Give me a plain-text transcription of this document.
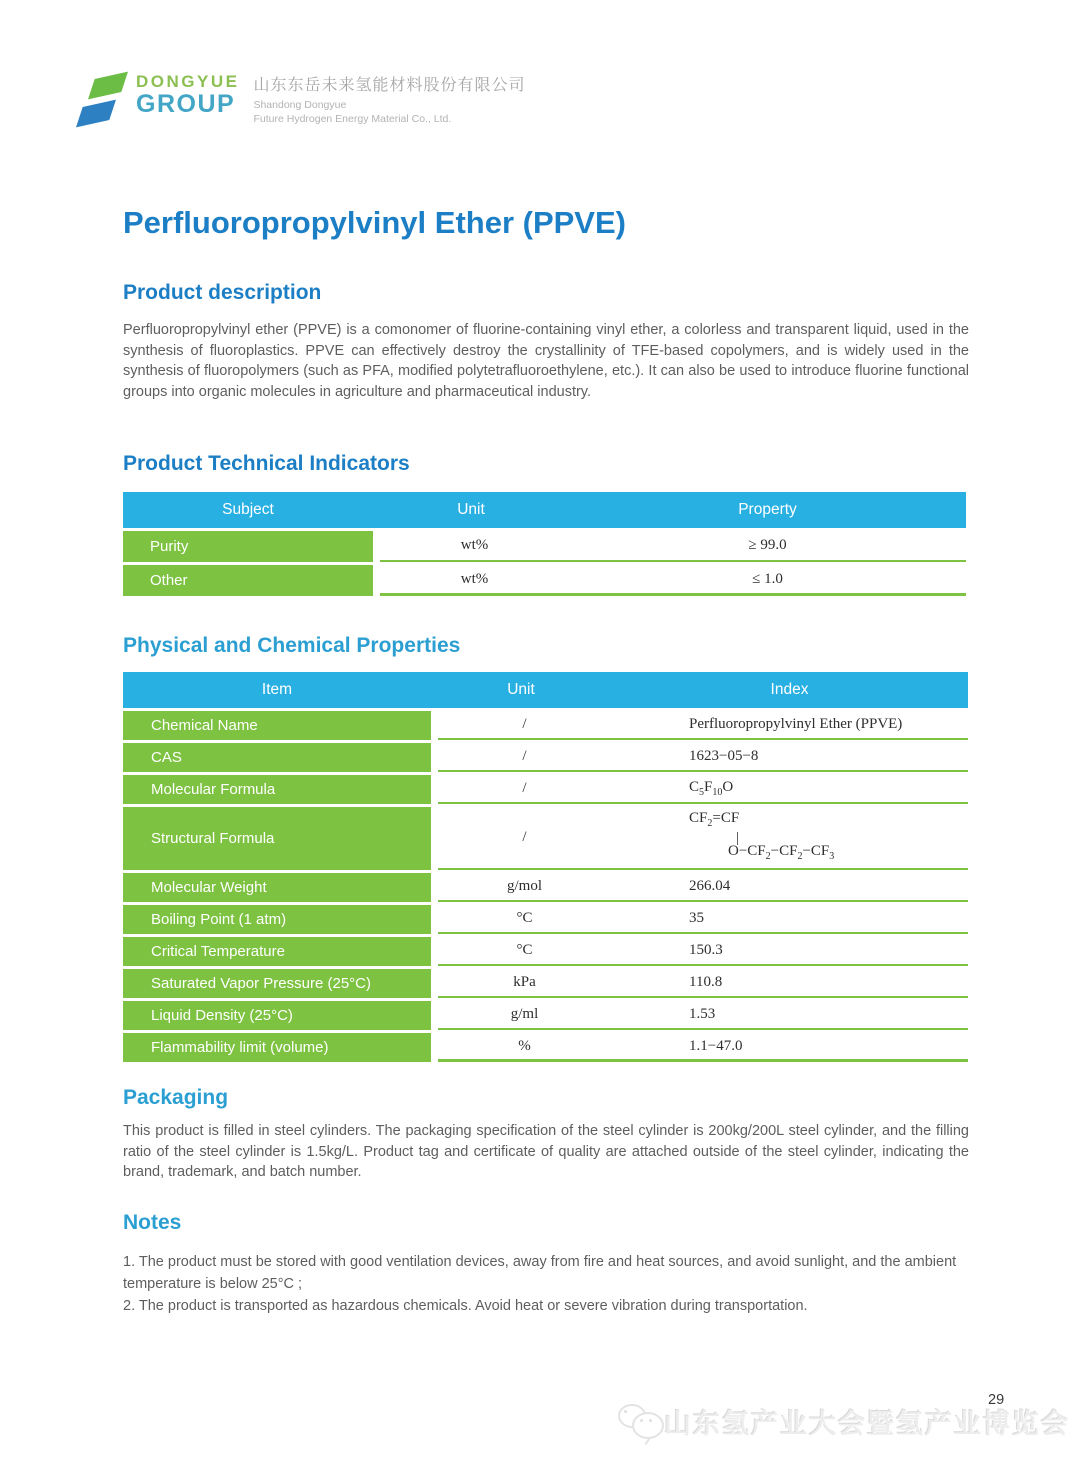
DONGYUE
GROUP
山东东岳未来氢能材料股份有限公司
Shandong Dongyue
Future Hydrogen Energy Material Co., Ltd.
Perfluoropropylvinyl Ether (PPVE)
Product description
Perfluoropropylvinyl ether (PPVE) is a comonomer of fluorine-containing vinyl ether, a colorless and transparent liquid, used in the synthesis of fluoroplastics. PPVE can effectively destroy the crystallinity of TFE-based copolymers, and is widely used in the synthesis of fluoropolymers (such as PFA, modified polytetrafluoroethylene, etc.). It can also be used to introduce fluorine functional groups into organic molecules in agriculture and pharmaceutical industry.
Product Technical Indicators
Subject	Unit	Property
Purity	wt%	≥ 99.0
Other	wt%	≤ 1.0
Physical and Chemical Properties
Item	Unit	Index
Chemical Name	/	Perfluoropropylvinyl Ether (PPVE)
CAS	/	1623−05−8
Molecular Formula	/	$C_5F_{10}O$
Structural Formula	/
$CF_2=CF$
|
$O-CF_2-CF_2-CF_3$
Molecular Weight	g/mol	266.04
Boiling Point (1 atm)	°C	35
Critical Temperature	°C	150.3
Saturated Vapor Pressure (25°C)	kPa	110.8
Liquid Density (25°C)	g/ml	1.53
Flammability limit (volume)	%	1.1−47.0
Packaging
This product is filled in steel cylinders. The packaging specification of the steel cylinder is 200kg/200L steel cylinder, and the filling ratio of the steel cylinder is 1.5kg/L. Product tag and certificate of quality are attached outside of the steel cylinder, indicating the brand, trademark, and batch number.
Notes
1. The product must be stored with good ventilation devices, away from fire and heat sources, and avoid sunlight, and the ambient temperature is below 25°C ;
2. The product is transported as hazardous chemicals. Avoid heat or severe vibration during transportation.
29
山东氢产业大会暨氢产业博览会
